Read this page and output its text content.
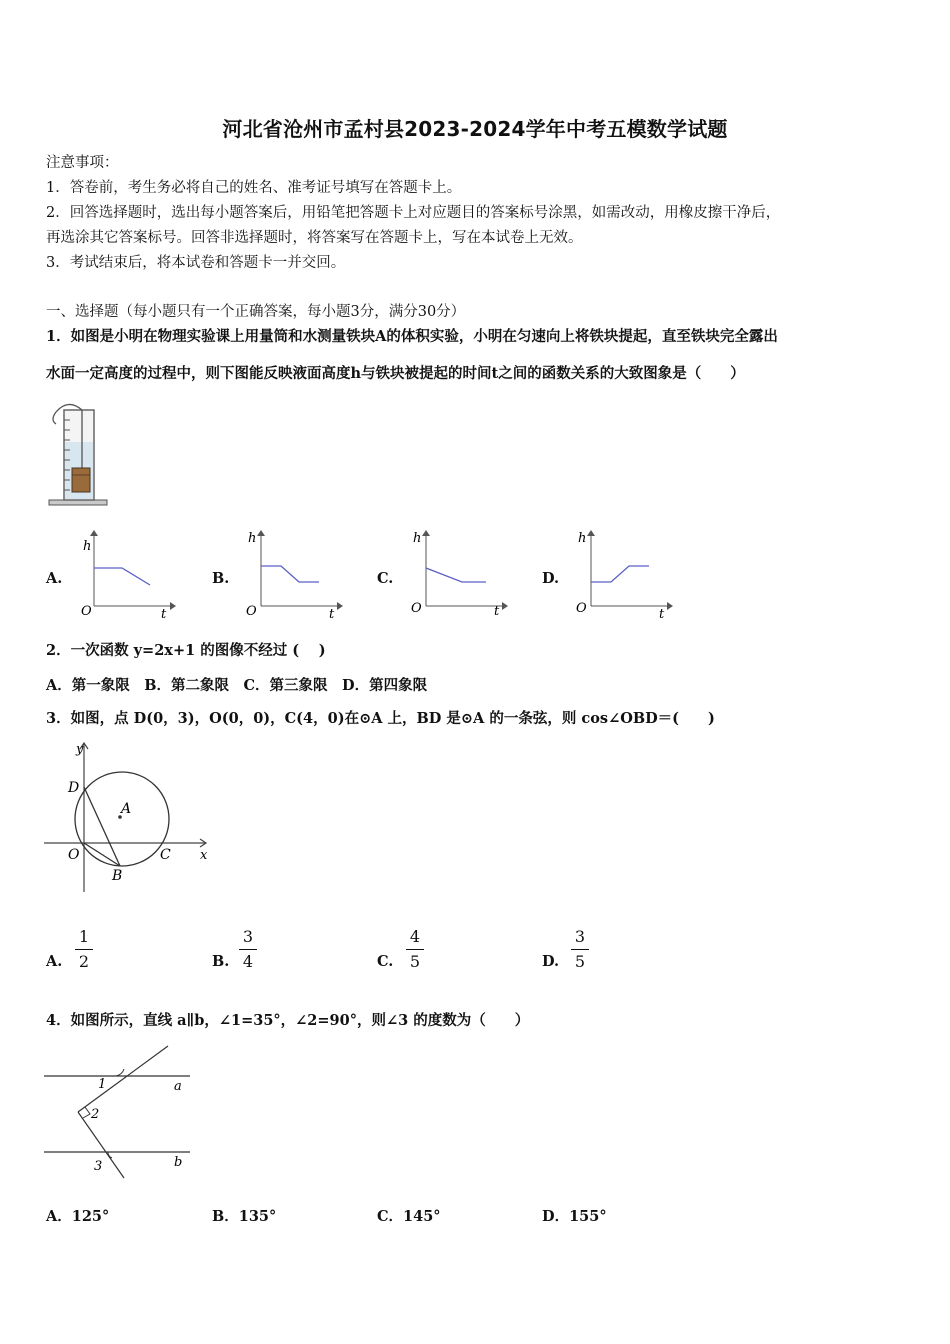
河北省沧州市孟村县2023-2024学年中考五模数学试题
注意事项：
1．答卷前，考生务必将自己的姓名、准考证号填写在答题卡上。
2．回答选择题时，选出每小题答案后，用铅笔把答题卡上对应题目的答案标号涂黑，如需改动，用橡皮擦干净后，
再选涂其它答案标号。回答非选择题时，将答案写在答题卡上，写在本试卷上无效。
3．考试结束后，将本试卷和答题卡一并交回。
一、选择题（每小题只有一个正确答案，每小题3分，满分30分）
1．如图是小明在物理实验课上用量筒和水测量铁块A的体积实验，小明在匀速向上将铁块提起，直至铁块完全露出
水面一定高度的过程中，则下图能反映液面高度h与铁块被提起的时间t之间的函数关系的大致图象是（　　）
A.	B.	C.	D.
h
t
O
h
t
O
h
t
O
h
t
O
2．一次函数 y=2x+1 的图像不经过 (　 )
A．第一象限　B．第二象限　C．第三象限　D．第四象限
3．如图，点 D(0，3)，O(0，0)，C(4，0)在⊙A 上，BD 是⊙A 的一条弦，则 cos∠OBD＝(　　)
y
x
D
A
O	C
B
A.
1
2	B.
3
4	C.
4
5	D.
3
5
4．如图所示，直线 a∥b，∠1=35°，∠2=90°，则∠3 的度数为（　　）
1
2
3
a
b
A．125°	B．135°	C．145°	D．155°
